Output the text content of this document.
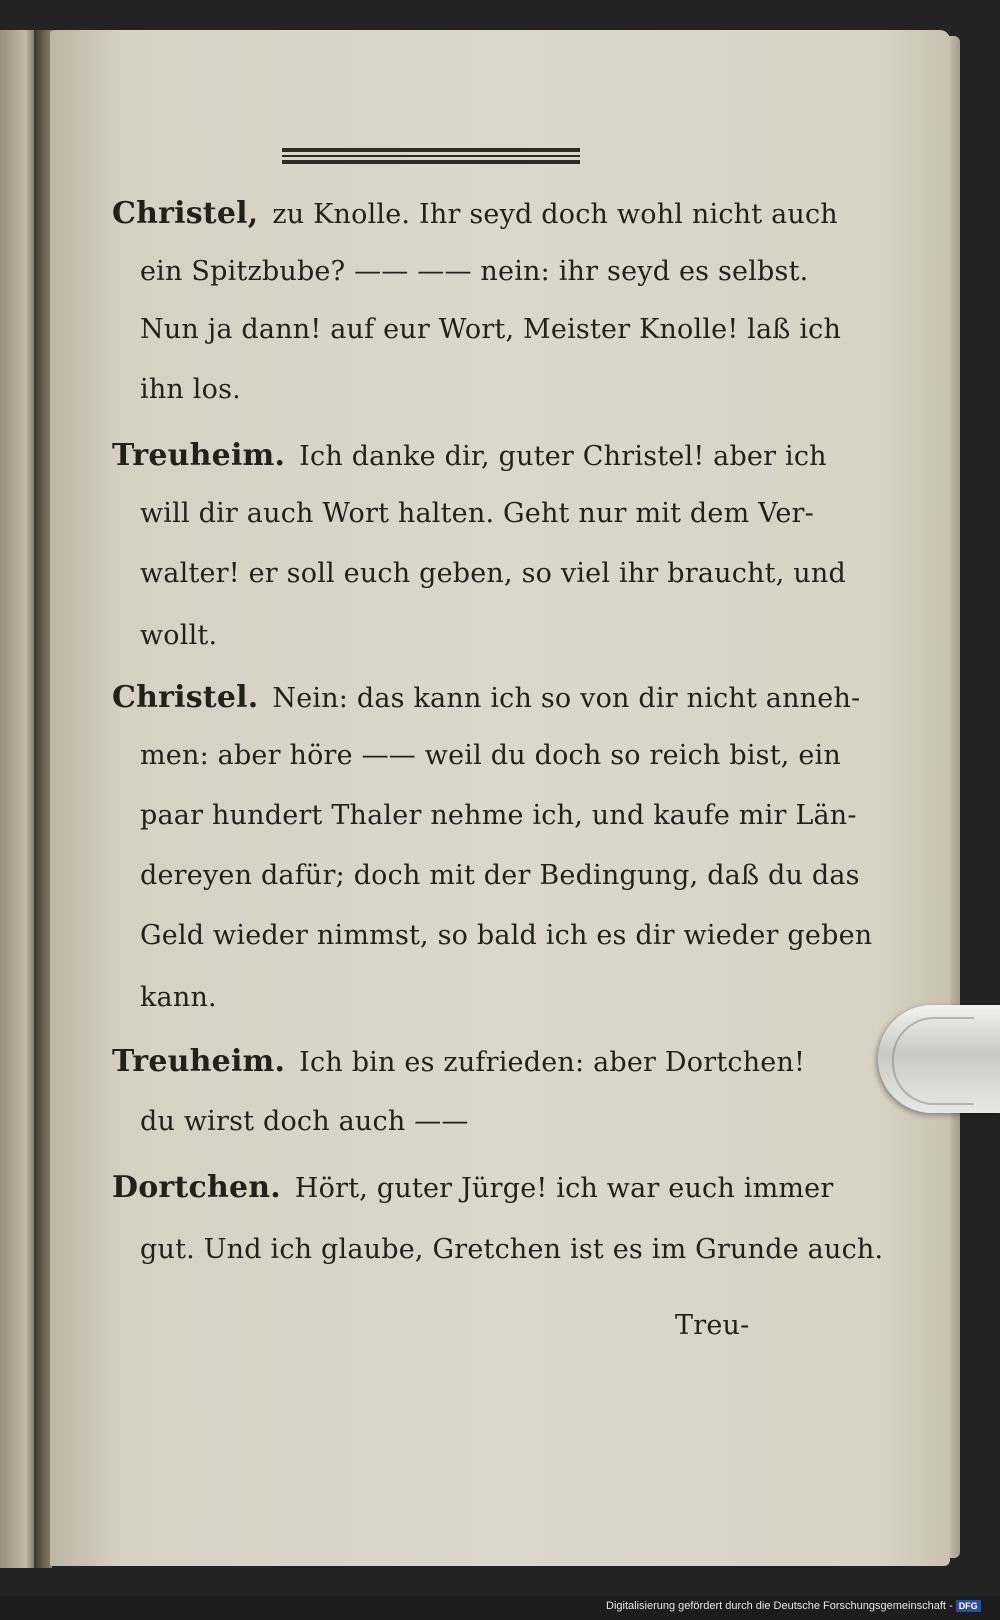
Christel, zu Knolle. Ihr seyd doch wohl nicht auch
ein Spitzbube? —— —— nein: ihr seyd es selbst.
Nun ja dann! auf eur Wort, Meister Knolle! laß ich
ihn los.
Treuheim. Ich danke dir, guter Christel! aber ich
will dir auch Wort halten. Geht nur mit dem Ver-
walter! er soll euch geben, so viel ihr braucht, und
wollt.
Christel. Nein: das kann ich so von dir nicht anneh-
men: aber höre —— weil du doch so reich bist, ein
paar hundert Thaler nehme ich, und kaufe mir Län-
dereyen dafür; doch mit der Bedingung, daß du das
Geld wieder nimmst, so bald ich es dir wieder geben
kann.
Treuheim. Ich bin es zufrieden: aber Dortchen!
du wirst doch auch ——
Dortchen. Hört, guter Jürge! ich war euch immer
gut. Und ich glaube, Gretchen ist es im Grunde auch.
Treu-
Digitalisierung gefördert durch die Deutsche Forschungsgemeinschaft - DFG
